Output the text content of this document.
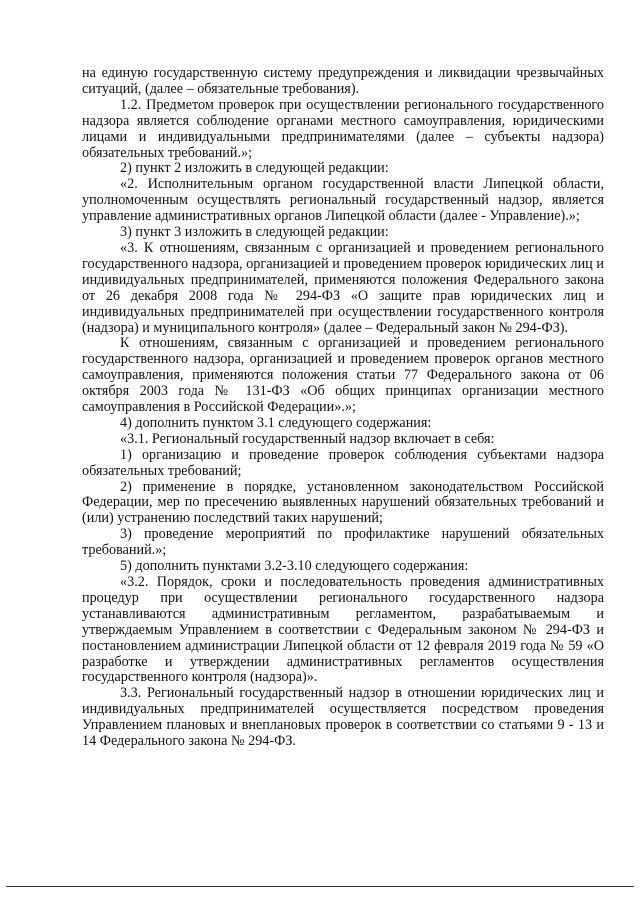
на единую государственную систему предупреждения и ликвидации чрезвычайных ситуаций, (далее – обязательные требования).

1.2. Предметом проверок при осуществлении регионального государственного надзора является соблюдение органами местного самоуправления, юридическими лицами и индивидуальными предпринимателями (далее – субъекты надзора) обязательных требований.»;

2) пункт 2 изложить в следующей редакции:

«2. Исполнительным органом государственной власти Липецкой области, уполномоченным осуществлять региональный государственный надзор, является управление административных органов Липецкой области (далее - Управление).»;

3) пункт 3 изложить в следующей редакции:

«3. К отношениям, связанным с организацией и проведением регионального государственного надзора, организацией и проведением проверок юридических лиц и индивидуальных предпринимателей, применяются положения Федерального закона от 26 декабря 2008 года № 294-ФЗ «О защите прав юридических лиц и индивидуальных предпринимателей при осуществлении государственного контроля (надзора) и муниципального контроля» (далее – Федеральный закон № 294-ФЗ).

К отношениям, связанным с организацией и проведением регионального государственного надзора, организацией и проведением проверок органов местного самоуправления, применяются положения статьи 77 Федерального закона от 06 октября 2003 года № 131-ФЗ «Об общих принципах организации местного самоуправления в Российской Федерации».»;

4) дополнить пунктом 3.1 следующего содержания:

«3.1. Региональный государственный надзор включает в себя:

1) организацию и проведение проверок соблюдения субъектами надзора обязательных требований;

2) применение в порядке, установленном законодательством Российской Федерации, мер по пресечению выявленных нарушений обязательных требований и (или) устранению последствий таких нарушений;

3) проведение мероприятий по профилактике нарушений обязательных требований.»;

5) дополнить пунктами 3.2-3.10 следующего содержания:

«3.2. Порядок, сроки и последовательность проведения административных процедур при осуществлении регионального государственного надзора устанавливаются административным регламентом, разрабатываемым и утверждаемым Управлением в соответствии с Федеральным законом № 294-ФЗ и постановлением администрации Липецкой области от 12 февраля 2019 года № 59 «О разработке и утверждении административных регламентов осуществления государственного контроля (надзора)».

3.3. Региональный государственный надзор в отношении юридических лиц и индивидуальных предпринимателей осуществляется посредством проведения Управлением плановых и внеплановых проверок в соответствии со статьями 9 - 13 и 14 Федерального закона № 294-ФЗ.
